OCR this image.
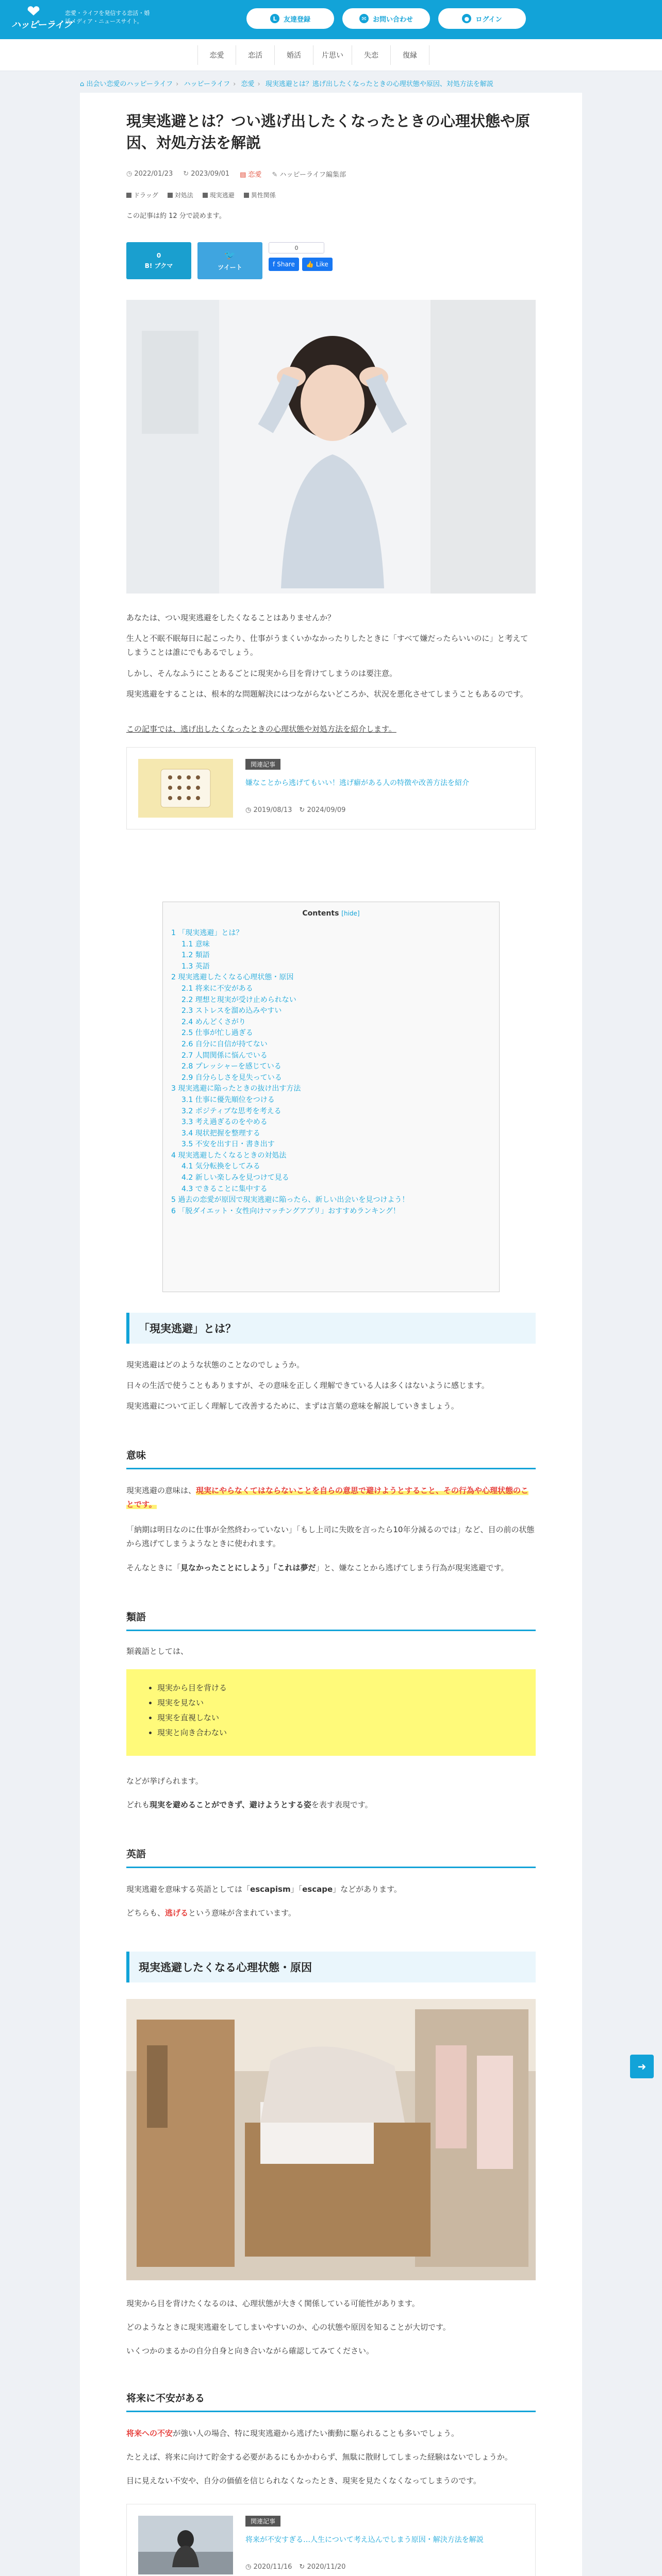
ハッピーライフ
恋愛・ライフを発信する恋活・婚活メディア・ニュースサイト。	L	友達登録	✉ お問い合わせ	● ログイン
恋愛	恋活	婚活	片思い	失恋	復縁
⌂ 出会い恋愛のハッピーライフ › ハッピーライフ › 恋愛 › 現実逃避とは？逃げ出したくなったときの心理状態や原因、対処方法を解説
現実逃避とは？つい逃げ出したくなったときの心理状態や原因、対処方法を解説
◷ 2022/01/23 ↻ 2023/09/01 ▤ 恋愛 ✎ ハッピーライフ編集部
ドラッグ	対処法	現実逃避	異性関係
この記事は約 12 分で読めます。
0
B! ブクマ
🐦
ツイート
0
f Share 👍 Like
あなたは、つい現実逃避をしたくなることはありませんか？
生人と不眠不眠毎日に起こったり、仕事がうまくいかなかったりしたときに「すべて嫌だったらいいのに」と考えてしまうことは誰にでもあるでしょう。
しかし、そんなふうにことあるごとに現実から目を背けてしまうのは要注意。
現実逃避をすることは、根本的な問題解決にはつながらないどころか、状況を悪化させてしまうこともあるのです。
この記事では、逃げ出したくなったときの心理状態や対処方法を紹介します。
関連記事
嫌なことから逃げてもいい！逃げ癖がある人の特徴や改善方法を紹介
◷ 2019/08/13 ↻ 2024/09/09
Contents [hide]
1 「現実逃避」とは？
1.1 意味
1.2 類語
1.3 英語
2 現実逃避したくなる心理状態・原因
2.1 将来に不安がある
2.2 理想と現実が受け止められない
2.3 ストレスを溜め込みやすい
2.4 めんどくさがり
2.5 仕事が忙し過ぎる
2.6 自分に自信が持てない
2.7 人間関係に悩んでいる
2.8 プレッシャーを感じている
2.9 自分らしさを見失っている
3 現実逃避に陥ったときの抜け出す方法
3.1 仕事に優先順位をつける
3.2 ポジティブな思考を考える
3.3 考え過ぎるのをやめる
3.4 現状把握を整理する
3.5 不安を出す日・書き出す
4 現実逃避したくなるときの対処法
4.1 気分転換をしてみる
4.2 新しい楽しみを見つけて見る
4.3 できることに集中する
5 過去の恋愛が原因で現実逃避に陥ったら、新しい出会いを見つけよう！
6 「脱ダイエット・女性向けマッチングアプリ」おすすめランキング！
「現実逃避」とは？
現実逃避はどのような状態のことなのでしょうか。
日々の生活で使うこともありますが、その意味を正しく理解できている人は多くはないように感じます。
現実逃避について正しく理解して改善するために、まずは言葉の意味を解説していきましょう。
意味
現実逃避の意味は、現実にやらなくてはならないことを自らの意思で避けようとすること、その行為や心理状態のことです。
「納期は明日なのに仕事が全然終わっていない」「もし上司に失敗を言ったら10年分減るのでは」など、目の前の状態から逃げてしまうようなときに使われます。
そんなときに「見なかったことにしよう」「これは夢だ」と、嫌なことから逃げてしまう行為が現実逃避です。
類語
類義語としては、
• 現実から目を背ける
• 現実を見ない
• 現実を直視しない
• 現実と向き合わない
などが挙げられます。
どれも現実を避めることができず、避けようとする姿を表す表現です。
英語
現実逃避を意味する英語としては「escapism」「escape」などがあります。
どちらも、逃げるという意味が含まれています。
現実逃避したくなる心理状態・原因
現実から目を背けたくなるのは、心理状態が大きく関係している可能性があります。
どのようなときに現実逃避をしてしまいやすいのか、心の状態や原因を知ることが大切です。
いくつかのまるかの自分自身と向き合いながら確認してみてください。
将来に不安がある
将来への不安が強い人の場合、特に現実逃避から逃げたい衝動に駆られることも多いでしょう。
たとえば、将来に向けて貯金する必要があるにもかかわらず、無駄に散財してしまった経験はないでしょうか。
目に見えない不安や、自分の価値を信じられなくなったとき、現実を見たくなくなってしまうのです。
関連記事
将来が不安すぎる…人生について考え込んでしまう原因・解決方法を解説
◷ 2020/11/16 ↻ 2020/11/20
➜
